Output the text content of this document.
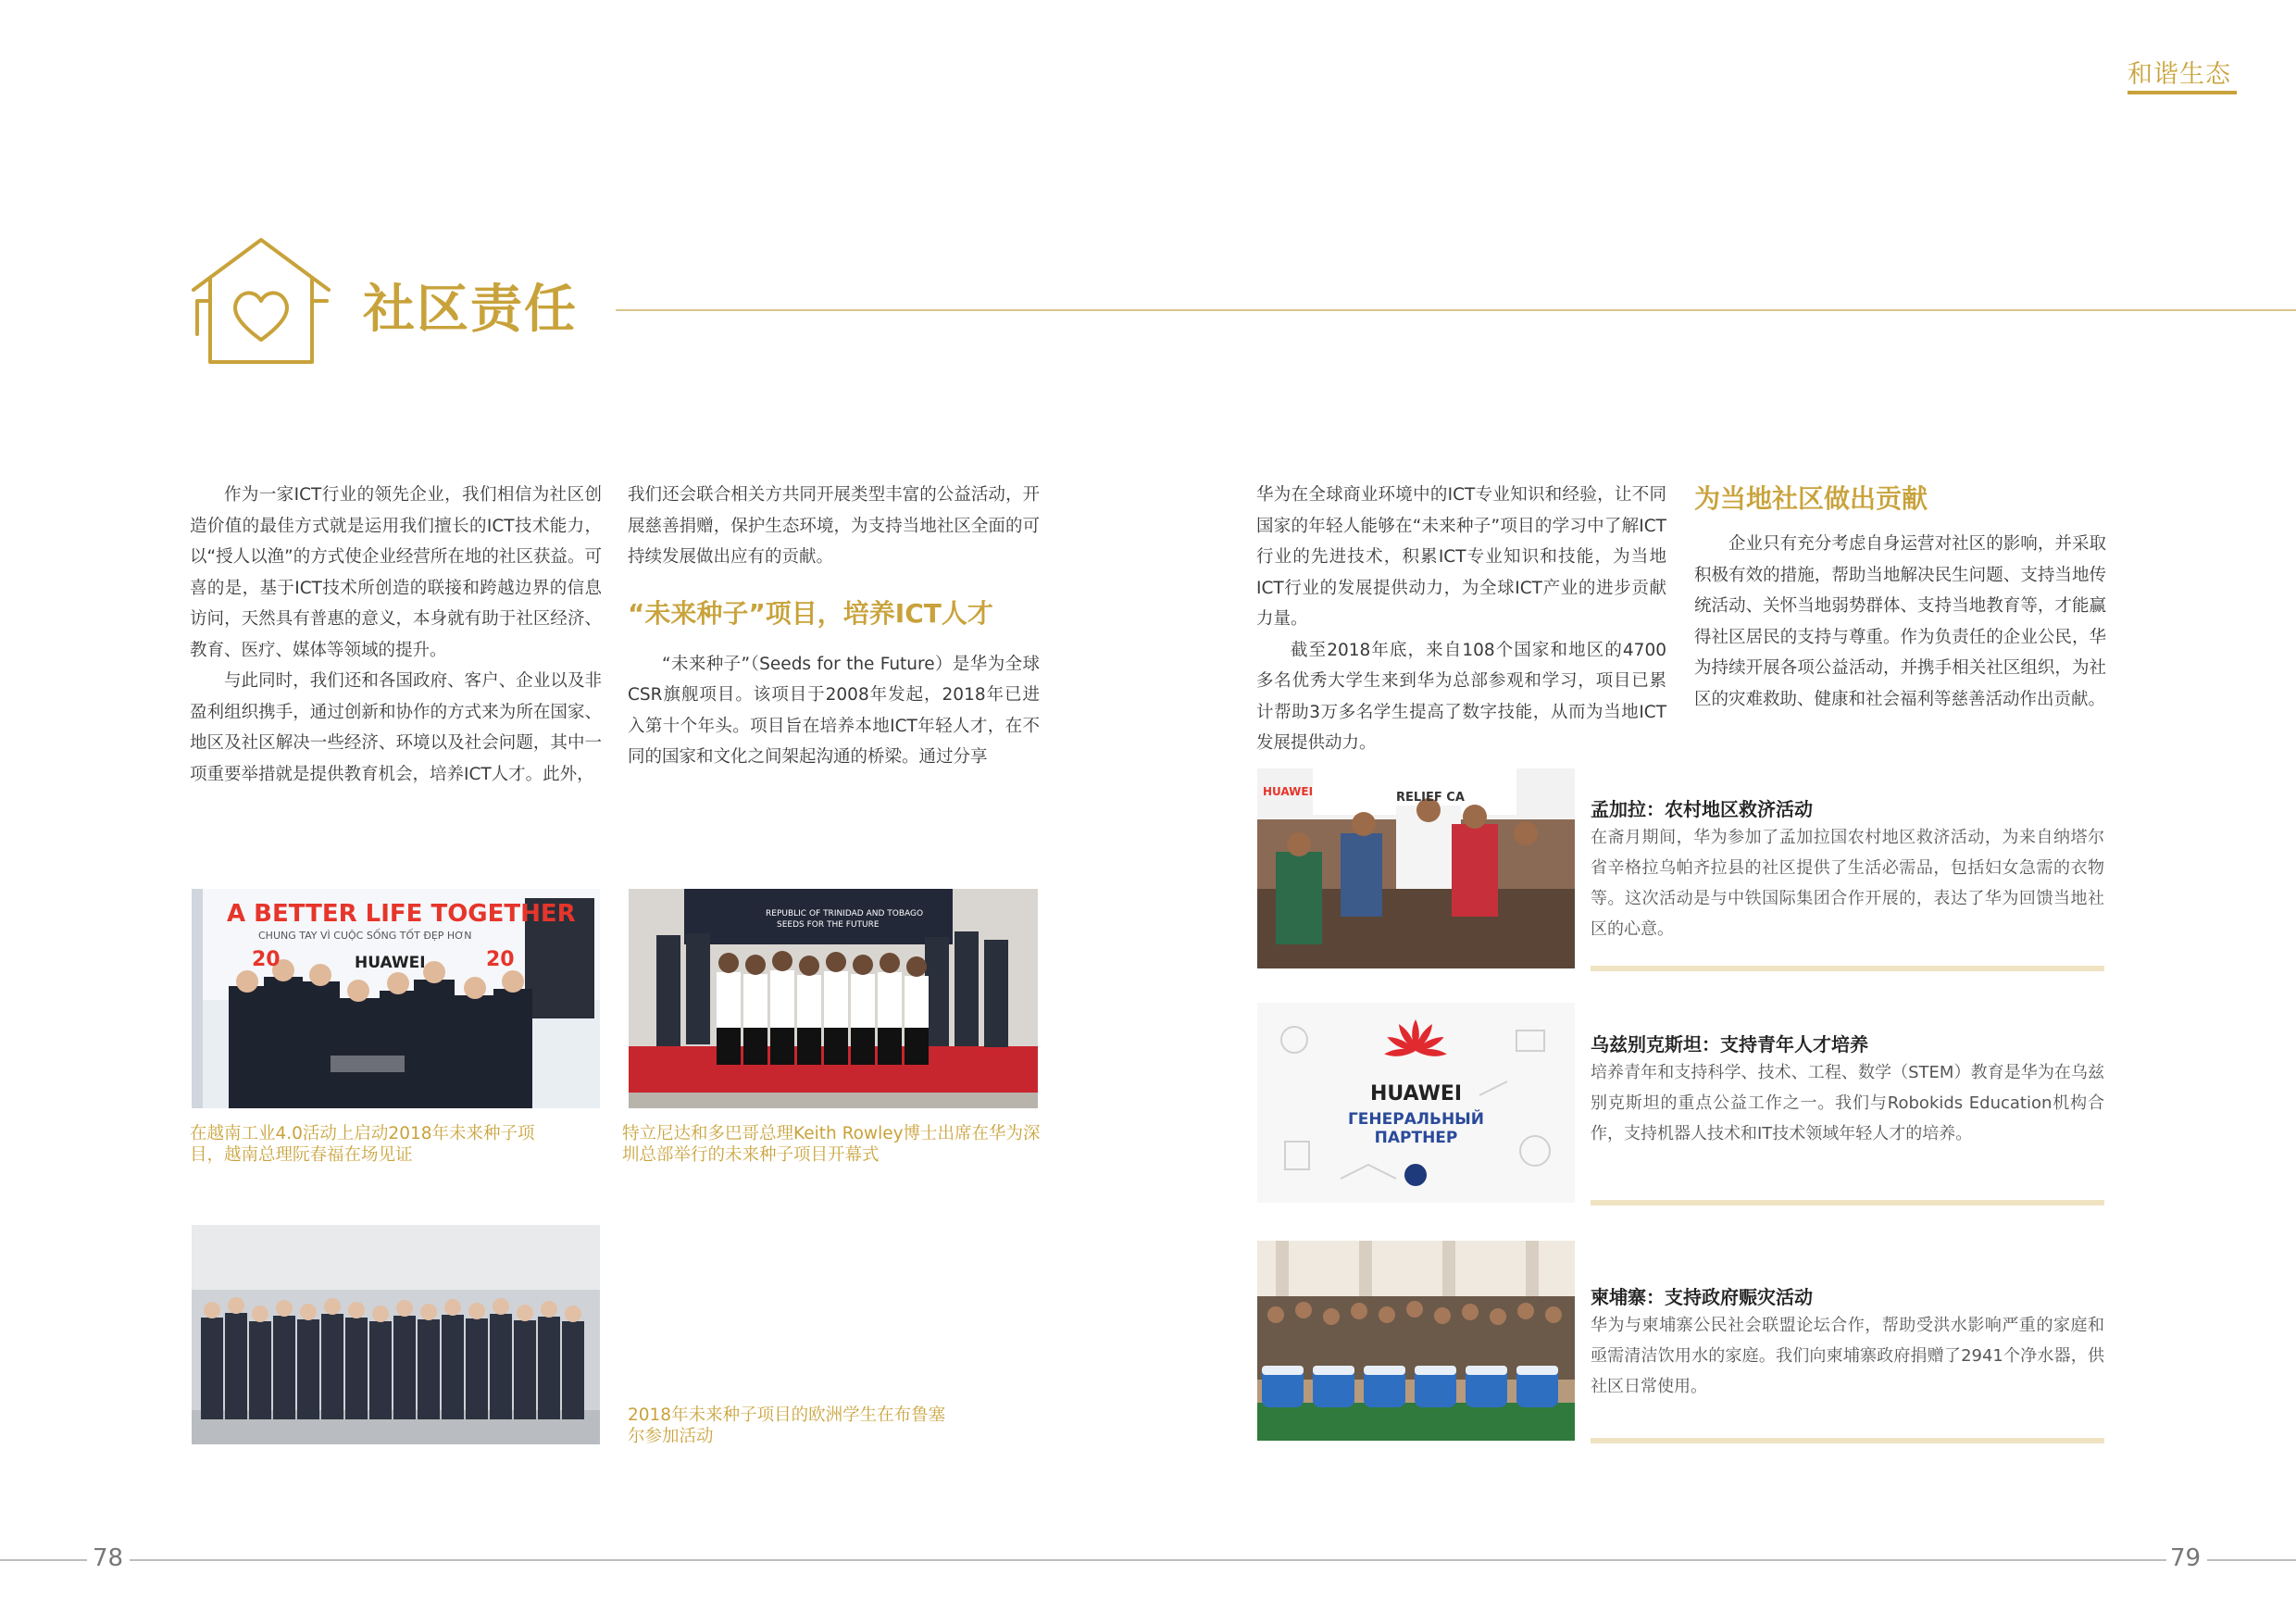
和谐生态
社区责任

作为一家ICT行业的领先企业，我们相信为社区创造价值的最佳方式就是运用我们擅长的ICT技术能力，以“授人以渔”的方式使企业经营所在地的社区获益。可喜的是，基于ICT技术所创造的联接和跨越边界的信息访问，天然具有普惠的意义，本身就有助于社区经济、教育、医疗、媒体等领域的提升。

与此同时，我们还和各国政府、客户、企业以及非盈利组织携手，通过创新和协作的方式来为所在国家、地区及社区解决一些经济、环境以及社会问题，其中一项重要举措就是提供教育机会，培养ICT人才。此外，

我们还会联合相关方共同开展类型丰富的公益活动，开展慈善捐赠，保护生态环境，为支持当地社区全面的可持续发展做出应有的贡献。

“未来种子”项目，培养ICT人才

“未来种子”（Seeds for the Future）是华为全球CSR旗舰项目。该项目于2008年发起，2018年已进入第十个年头。项目旨在培养本地ICT年轻人才，在不同的国家和文化之间架起沟通的桥梁。通过分享

华为在全球商业环境中的ICT专业知识和经验，让不同国家的年轻人能够在“未来种子”项目的学习中了解ICT行业的先进技术，积累ICT专业知识和技能，为当地ICT行业的发展提供动力，为全球ICT产业的进步贡献力量。

截至2018年底，来自108个国家和地区的4700多名优秀大学生来到华为总部参观和学习，项目已累计帮助3万多名学生提高了数字技能，从而为当地ICT发展提供动力。

为当地社区做出贡献

企业只有充分考虑自身运营对社区的影响，并采取积极有效的措施，帮助当地解决民生问题、支持当地传统活动、关怀当地弱势群体、支持当地教育等，才能赢得社区居民的支持与尊重。作为负责任的企业公民，华为持续开展各项公益活动，并携手相关社区组织，为社区的灾难救助、健康和社会福利等慈善活动作出贡献。

A BETTER LIFE TOGETHER
CHUNG TAY VÌ CUỘC SỐNG TỐT ĐẸP HƠN
20	20
HUAWEI
在越南工业4.0活动上启动2018年未来种子项目，越南总理阮春福在场见证
REPUBLIC OF TRINIDAD AND TOBAGO
SEEDS FOR THE FUTURE
特立尼达和多巴哥总理Keith Rowley博士出席在华为深圳总部举行的未来种子项目开幕式
2018年未来种子项目的欧洲学生在布鲁塞尔参加活动
HUAWEI	RELIEF CA
孟加拉：农村地区救济活动
在斋月期间，华为参加了孟加拉国农村地区救济活动，为来自纳塔尔省辛格拉乌帕齐拉县的社区提供了生活必需品，包括妇女急需的衣物等。这次活动是与中铁国际集团合作开展的，表达了华为回馈当地社区的心意。
HUAWEI
ГЕНЕРАЛЬНЫЙ
ПАРТНЕР
乌兹别克斯坦：支持青年人才培养
培养青年和支持科学、技术、工程、数学（STEM）教育是华为在乌兹别克斯坦的重点公益工作之一。我们与Robokids Education机构合作，支持机器人技术和IT技术领域年轻人才的培养。
柬埔寨：支持政府赈灾活动
华为与柬埔寨公民社会联盟论坛合作，帮助受洪水影响严重的家庭和亟需清洁饮用水的家庭。我们向柬埔寨政府捐赠了2941个净水器，供社区日常使用。
78	79
